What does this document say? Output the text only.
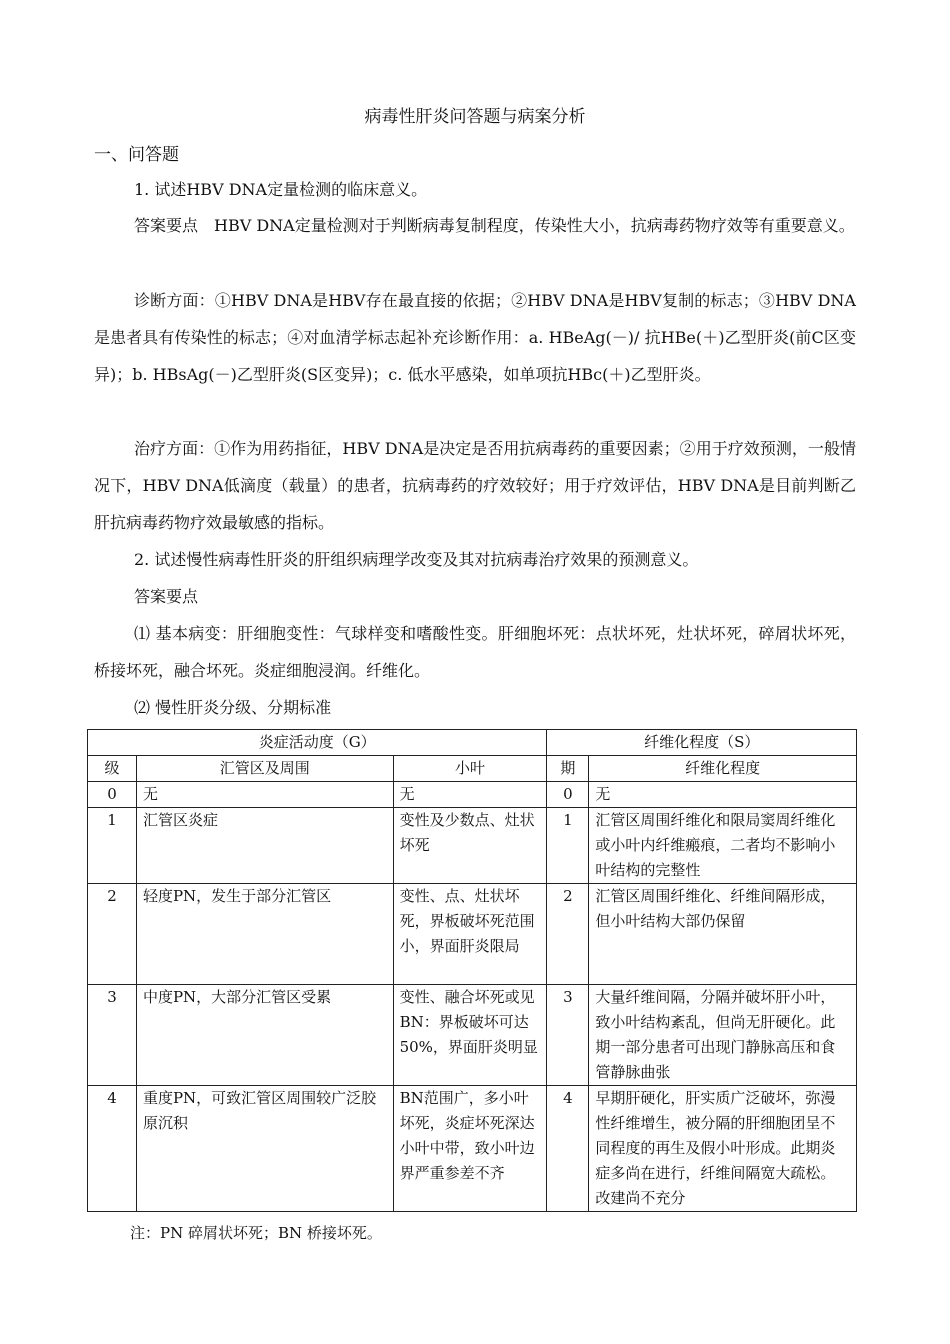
病毒性肝炎问答题与病案分析
一、问答题
1. 试述HBV DNA定量检测的临床意义。
答案要点　HBV DNA定量检测对于判断病毒复制程度，传染性大小，抗病毒药物疗效等有重要意义。
诊断方面：①HBV DNA是HBV存在最直接的依据；②HBV DNA是HBV复制的标志；③HBV DNA是患者具有传染性的标志；④对血清学标志起补充诊断作用：a. HBeAg(－)/ 抗HBe(＋)乙型肝炎(前C区变异)；b. HBsAg(－)乙型肝炎(S区变异)；c. 低水平感染，如单项抗HBc(＋)乙型肝炎。
治疗方面：①作为用药指征，HBV DNA是决定是否用抗病毒药的重要因素；②用于疗效预测，一般情况下，HBV DNA低滴度（载量）的患者，抗病毒药的疗效较好；用于疗效评估，HBV DNA是目前判断乙肝抗病毒药物疗效最敏感的指标。
2. 试述慢性病毒性肝炎的肝组织病理学改变及其对抗病毒治疗效果的预测意义。
答案要点
⑴ 基本病变：肝细胞变性：气球样变和嗜酸性变。肝细胞坏死：点状坏死，灶状坏死，碎屑状坏死，桥接坏死，融合坏死。炎症细胞浸润。纤维化。
⑵ 慢性肝炎分级、分期标准
炎症活动度（G）			纤维化程度（S）	
级	汇管区及周围	小叶	期	纤维化程度
0	无	无	0	无
1	汇管区炎症	变性及少数点、灶状坏死	1	汇管区周围纤维化和限局窦周纤维化或小叶内纤维瘢痕，二者均不影响小叶结构的完整性
2	轻度PN，发生于部分汇管区	变性、点、灶状坏死，界板破坏死范围小，界面肝炎限局	2	汇管区周围纤维化、纤维间隔形成，但小叶结构大部仍保留
3	中度PN，大部分汇管区受累	变性、融合坏死或见BN：界板破坏可达 50%，界面肝炎明显	3	大量纤维间隔，分隔并破坏肝小叶，致小叶结构紊乱，但尚无肝硬化。此期一部分患者可出现门静脉高压和食管静脉曲张
4	重度PN，可致汇管区周围较广泛胶原沉积	BN范围广，多小叶坏死，炎症坏死深达小叶中带，致小叶边界严重参差不齐	4	早期肝硬化，肝实质广泛破坏，弥漫性纤维增生，被分隔的肝细胞团呈不同程度的再生及假小叶形成。此期炎症多尚在进行，纤维间隔宽大疏松。改建尚不充分
注：PN 碎屑状坏死；BN 桥接坏死。
